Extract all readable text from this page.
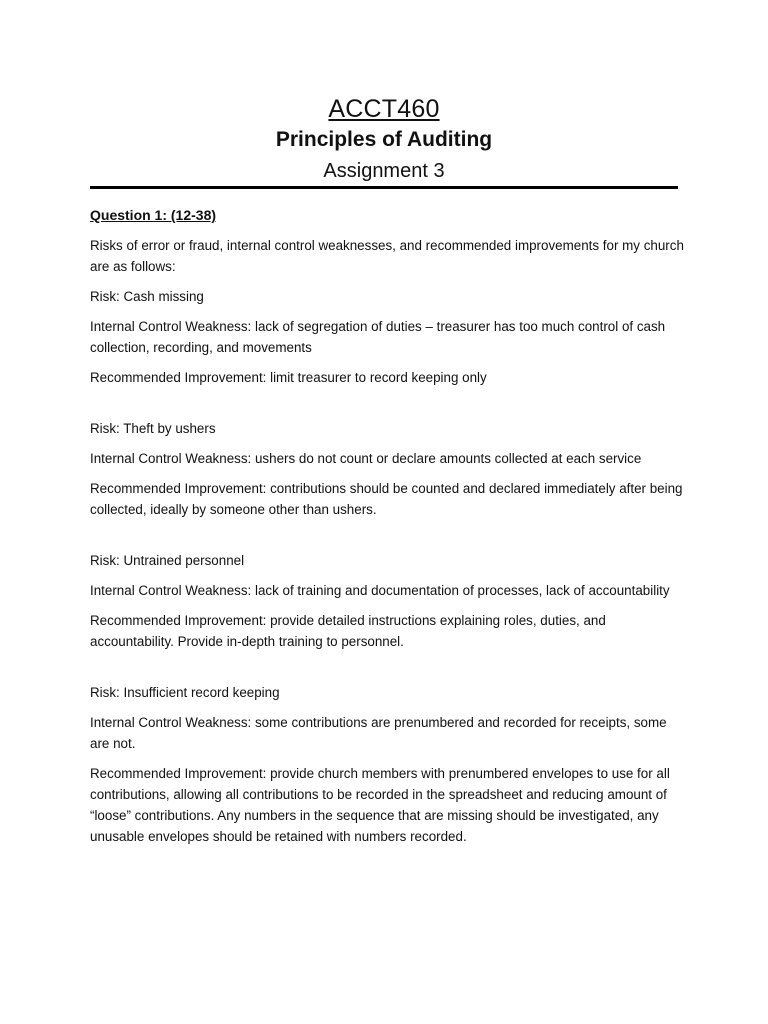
ACCT460
Principles of Auditing
Assignment 3

Question 1: (12-38)

Risks of error or fraud, internal control weaknesses, and recommended improvements for my church are as follows:

Risk: Cash missing

Internal Control Weakness: lack of segregation of duties – treasurer has too much control of cash collection, recording, and movements

Recommended Improvement: limit treasurer to record keeping only

Risk: Theft by ushers

Internal Control Weakness: ushers do not count or declare amounts collected at each service

Recommended Improvement: contributions should be counted and declared immediately after being collected, ideally by someone other than ushers.

Risk: Untrained personnel

Internal Control Weakness: lack of training and documentation of processes, lack of accountability

Recommended Improvement: provide detailed instructions explaining roles, duties, and accountability. Provide in-depth training to personnel.

Risk: Insufficient record keeping

Internal Control Weakness: some contributions are prenumbered and recorded for receipts, some are not.

Recommended Improvement: provide church members with prenumbered envelopes to use for all contributions, allowing all contributions to be recorded in the spreadsheet and reducing amount of “loose” contributions. Any numbers in the sequence that are missing should be investigated, any unusable envelopes should be retained with numbers recorded.
